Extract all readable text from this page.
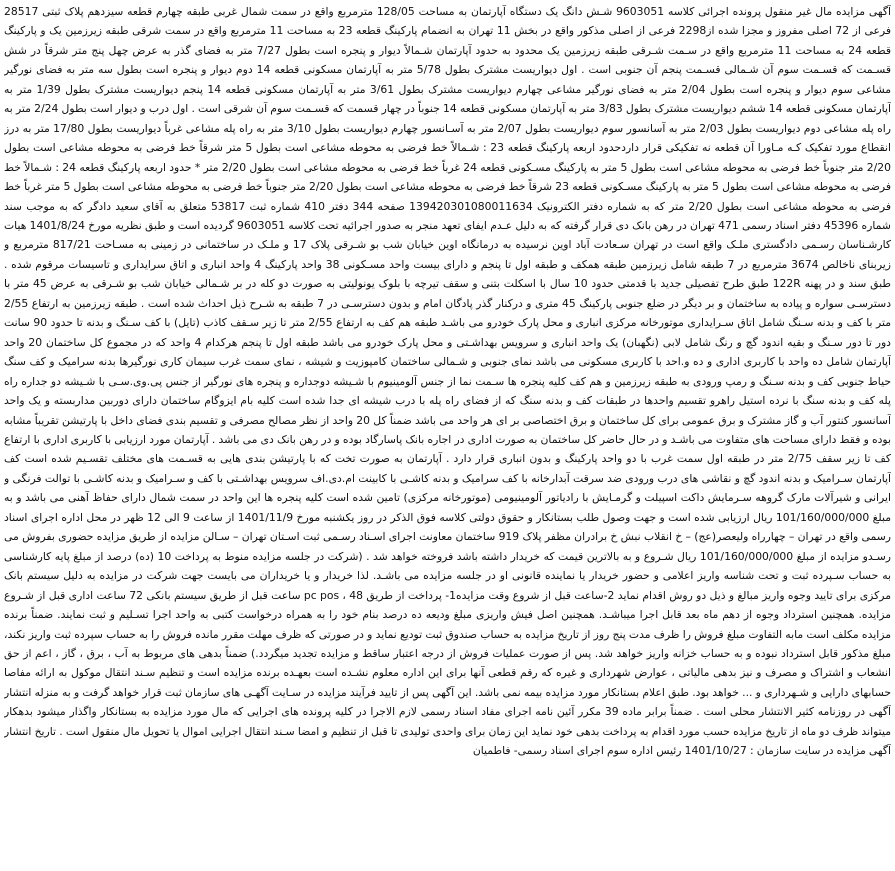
آگهی مزایده مال غیر منقول پرونده اجرائی کلاسه 9603051 شـش دانگ یک دستگاه آپارتمان به مساحت 128/05 مترمربع واقع در سمت شمال غربی طبقه چهارم قطعه سیزدهم پلاک ثبتی 28517 فرعی از 72 اصلی مفروز و مجزا شده از2298 فرعی از اصلی مذکور واقع در بخش 11 تهران به انضمام پارکینگ قطعه 23 به مساحت 11 مترمربع واقع در سمت شرقی طبقه زیرزمین یک و پارکینگ قطعه 24 به مساحت 11 مترمربع واقع در سـمت شـرقی طبقه زیرزمین یک محدود به حدود آپارتمان شـمالاً دیوار و پنجره است بطول 7/27 متر به فضای گذر به عرض چهل پنج متر شرقاً در شش قسـمت که قسـمت سوم آن شـمالی قسـمت پنجم آن جنوبی است . اول دیواریست مشترک بطول 5/78 متر به آپارتمان مسکونی قطعه 14 دوم دیوار و پنجره است بطول سه متر به فضای نورگیر مشاعی سوم دیوار و پنجره است بطول 2/04 متر به فضای نورگیر مشاعی چهارم دیواریست مشترک بطول 3/61 متر به آپارتمان مسکونی قطعه 14 پنجم دیواریست مشترک بطول 1/39 متر به آپارتمان مسکونی قطعه 14 ششم دیواریست مشترک بطول 3/83 متر به آپارتمان مسکونی قطعه 14 جنوباً در چهار قسمت که قسـمت سوم آن شرقی است . اول درب و دیوار است بطول 2/24 متر به راه پله مشاعی دوم دیواریست بطول 2/03 متر به آسانسور سوم دیواریست بطول 2/07 متر به آسـانسور چهارم دیواریست بطول 3/10 متر به راه پله مشاعی غرباً دیواریست بطول 17/80 متر به درز انقطاع مورد تفکیک کـه مـاورا آن قطعه نه تفکیکی قرار داردحدود اربعه پارکینگ قطعه 23 : شـمالاً خط فرضی به محوطه مشاعی است بطول 5 متر شرقاً خط فرضی به محوطه مشاعی است بطول 2/20 متر جنوباً خط فرضی به محوطه مشاعی است بطول 5 متر به پارکینگ مسـکونی قطعه 24 غرباً خط فرضی به محوطه مشاعی است بطول 2/20 متر * حدود اربعه پارکینگ قطعه 24 : شـمالاً خط فرضی به محوطه مشاعی است بطول 5 متر به پارکینگ مسـکونی قطعه 23 شرقاً خط فرضی به محوطه مشاعی است بطول 2/20 متر جنوباً خط فرضی به محوطه مشاعی است بطول 5 متر غرباً خط فرضی به محوطه مشاعی است بطول 2/20 متر که به شماره دفتر الکترونیک 139420301080011634 صفحه 344 دفتر 410 شماره ثبت 53817 متعلق به آقای سعید دادگر که به موجب سند شماره 45396 دفتر اسناد رسمی 471 تهران در رهن بانک دی قرار گرفته که به دلیل عـدم ایفای تعهد منجر به صدور اجرائیه تحت کلاسه 9603051 گردیده است و طبق نظریه مورخ 1401/8/24 هیات کارشـناسان رسـمی دادگستری ملـک واقع است در تهران سـعادت آباد اوین نرسیده به درمانگاه اوین خیابان شب بو شـرقی پلاک 17 و ملـک در ساختمانی در زمینی به مسـاحت 817/21 مترمربع و زیربنای ناخالص 3674 مترمربع در 7 طبقه شامل زیرزمین طبقه همکف و طبقه اول تا پنجم و دارای بیست واحد مسـکونی 38 واحد پارکینگ 4 واحد انباری و اتاق سرایداری و تاسیسات مرقوم شده . طبق سند و در پهنه 122R طبق طرح تفصیلی جدید با قدمتی حدود 10 سال با اسکلت بتنی و سقف تیرچه با بلوک یونولیتی به صورت دو کله در بر شـمالی خیابان شب بو شـرقی به عرض 45 متر با دسترسـی سواره و پیاده به ساختمان و بر دیگر در ضلع جنوبی پارکینگ 45 متری و درکنار گذر پادگان امام و بدون دسترسـی در 7 طبقه به شـرح ذیل احداث شده است . طبقه زیرزمین به ارتفاع 2/55 متر با کف و بدنه سـنگ شامل اتاق سـرایداری موتورخانه مرکزی انباری و محل پارک خودرو می باشـد طبقه هم کف به ارتفاع 2/55 متر تا زیر سـقف کاذب (تایل) با کف سـنگ و بدنه تا حدود 90 سانت دور تا دور سـنگ و بقیه اندود گچ و رنگ شامل لابی (نگهبان) یک واحد انباری و سرویس بهداشـتی و محل پارک خودرو می باشد طبقه اول تا پنجم هرکدام 4 واحد که در مجموع کل ساختمان 20 واحد آپارتمان شامل ده واحد با کاربری اداری و ده و.احد با کاربری مسکونی می باشد نمای جنوبی و شـمالی ساختمان کامپوزیت و شیشه ، نمای سمت غرب سیمان کاری نورگیرها بدنه سرامیک و کف سنگ حیاط جنوبی کف و بدنه سـنگ و رمپ ورودی به طبقه زیرزمین و هم کف کلیه پنجره ها سـمت نما از جنس آلومینیوم با شـیشه دوجداره و پنجره های نورگیر از جنس پی.وی.سـی با شـیشه دو جداره راه پله کف و بدنه سنگ با نرده استیل راهرو تقسیم واحدها در طبقات کف و بدنه سنگ که از فضای راه پله با درب شیشه ای جدا شده است کلیه بام ایزوگام ساختمان دارای دوربین مداربسته و یک واحد آسانسور کنتور آب و گاز مشترک و برق عمومی برای کل ساختمان و برق اختصاصی بر ای هر واحد می باشد ضمناً کل 20 واحد از نظر مصالح مصرفی و تقسیم بندی فضای داخل با پارتیشن تقریباً مشابه بوده و فقط دارای مساحت های متفاوت می باشـد و در حال حاضر کل ساختمان به صورت اداری در اجاره بانک پاسارگاد بوده و در رهن بانک دی می باشد . آپارتمان مورد ارزیابی با کاربری اداری با ارتفاع کف تا زیر سقف 2/75 متر در طبقه اول سمت غرب با دو واحد پارکینگ و بدون انباری قرار دارد . آپارتمان به صورت تخت که با پارتیشن بندی هایی به قسـمت های مختلف تقسـیم شده است کف آپارتمان سـرامیک و بدنه اندود گچ و نقاشی های درب ورودی ضد سرقت آبدارخانه با کف سرامیک و بدنه کاشـی با کابینت ام.دی.اف سرویس بهداشـتی با کف و سـرامیک و بدنه کاشـی با توالت فرنگی و ایرانی و شیرآلات مارک گروهه سـرمایش داکت اسپیلت و گرمـایش با رادیاتور آلومینیومی (موتورخانه مرکزی) تامین شده است کلیه پنجره ها این واحد در سمت شمال دارای حفاظ آهنی می باشد و به مبلغ 101/160/000/000 ریال ارزیابی شده است و جهت وصول طلب بستانکار و حقوق دولتی کلاسه فوق الذکر در روز یکشنبه مورخ 1401/11/9 از ساعت 9 الی 12 ظهر در محل اداره اجرای اسناد رسمی واقع در تهران – چهارراه ولیعصر(عج) – خ انقلاب نبش خ برادران مظفر پلاک 919 ساختمان معاونت اجرای اسـناد رسـمی ثبت اسـتان تهران – سـالن مزایده از طریق مزایده حضوری بفروش می رسـدو مزایده از مبلغ 101/160/000/000 ریال شـروع و به بالاترین قیمت که خریدار داشته باشد فروخته خواهد شد . (شرکت در جلسه مزایده منوط به پرداخت 10 (ده) درصد از مبلغ پایه کارشناسی به حساب سـپرده ثبت و تحت شناسه واریز اعلامی و حضور خریدار یا نماینده قانونی او در جلسه مزایده می باشـد. لذا خریدار و یا خریداران می بایست جهت شرکت در مزایده به دلیل سیستم بانک مرکزی برای تایید وجوه واریز مبالغ و ذیل دو روش اقدام نماید 2-ساعت قبل از شروع وقت مزایده1- پرداخت از طریق pc pos ، 48 ساعت قبل از طریق سیستم بانکی 72 ساعت اداری قبل از شـروع مزایده. همچنین استرداد وجوه از دهم ماه بعد قابل اجرا میباشـد. همچنین اصل فیش واریزی مبلغ ودیعه ده درصد بنام خود را به همراه درخواست کتبی به واحد اجرا تسـلیم و ثبت نمایند. ضمناً برنده مزایده مکلف است مابه التفاوت مبلغ فروش را ظرف مدت پنج روز از تاریخ مزایده به حساب صندوق ثبت تودیع نماید و در صورتی که ظرف مهلت مقرر مانده فروش را به حساب سپرده ثبت واریز نکند، مبلغ مذکور قابل استرداد نبوده و به حساب خزانه واریز خواهد شد. پس از صورت عملیات فروش از درجه اعتبار ساقط و مزایده تجدید میگردد.) ضمناً بدهی های مربوط به آب ، برق ، گاز ، اعم از حق انشعاب و اشتراک و مصرف و نیز بدهی مالیاتی ، عوارض شهرداری و غیره که رقم قطعی آنها برای این اداره معلوم نشـده است بعهـده برنده مزایده است و تنظیم سـند انتقال موکول به ارائه مفاصا حسابهای دارایی و شـهرداری و ... خواهد بود. طبق اعلام بستانکار مورد مزایده بیمه نمی باشد. این آگهی پس از تایید فرآیند مزایده در سـایت آگهـی های سازمان ثبت قرار خواهد گرفت و به منزله انتشار آگهی در روزنامه کثیر الانتشار محلی است . ضمناً برابر ماده 39 مکرر آئین نامه اجرای مفاد اسناد رسمی لازم الاجرا در کلیه پرونده های اجرایی که مال مورد مزایده به بستانکار واگذار میشود بدهکار میتواند ظرف دو ماه از تاریخ مزایده حسب مورد اقدام به پرداخت بدهی خود نماید این زمان برای واحدی تولیدی تا قبل از تنظیم و امضا سـند انتقال اجرایی اموال یا تحویل مال منقول است . تاریخ انتشار آگهی مزایده در سایت سازمان : 1401/10/27 رئیس اداره سوم اجرای اسناد رسمی- فاطمیان
